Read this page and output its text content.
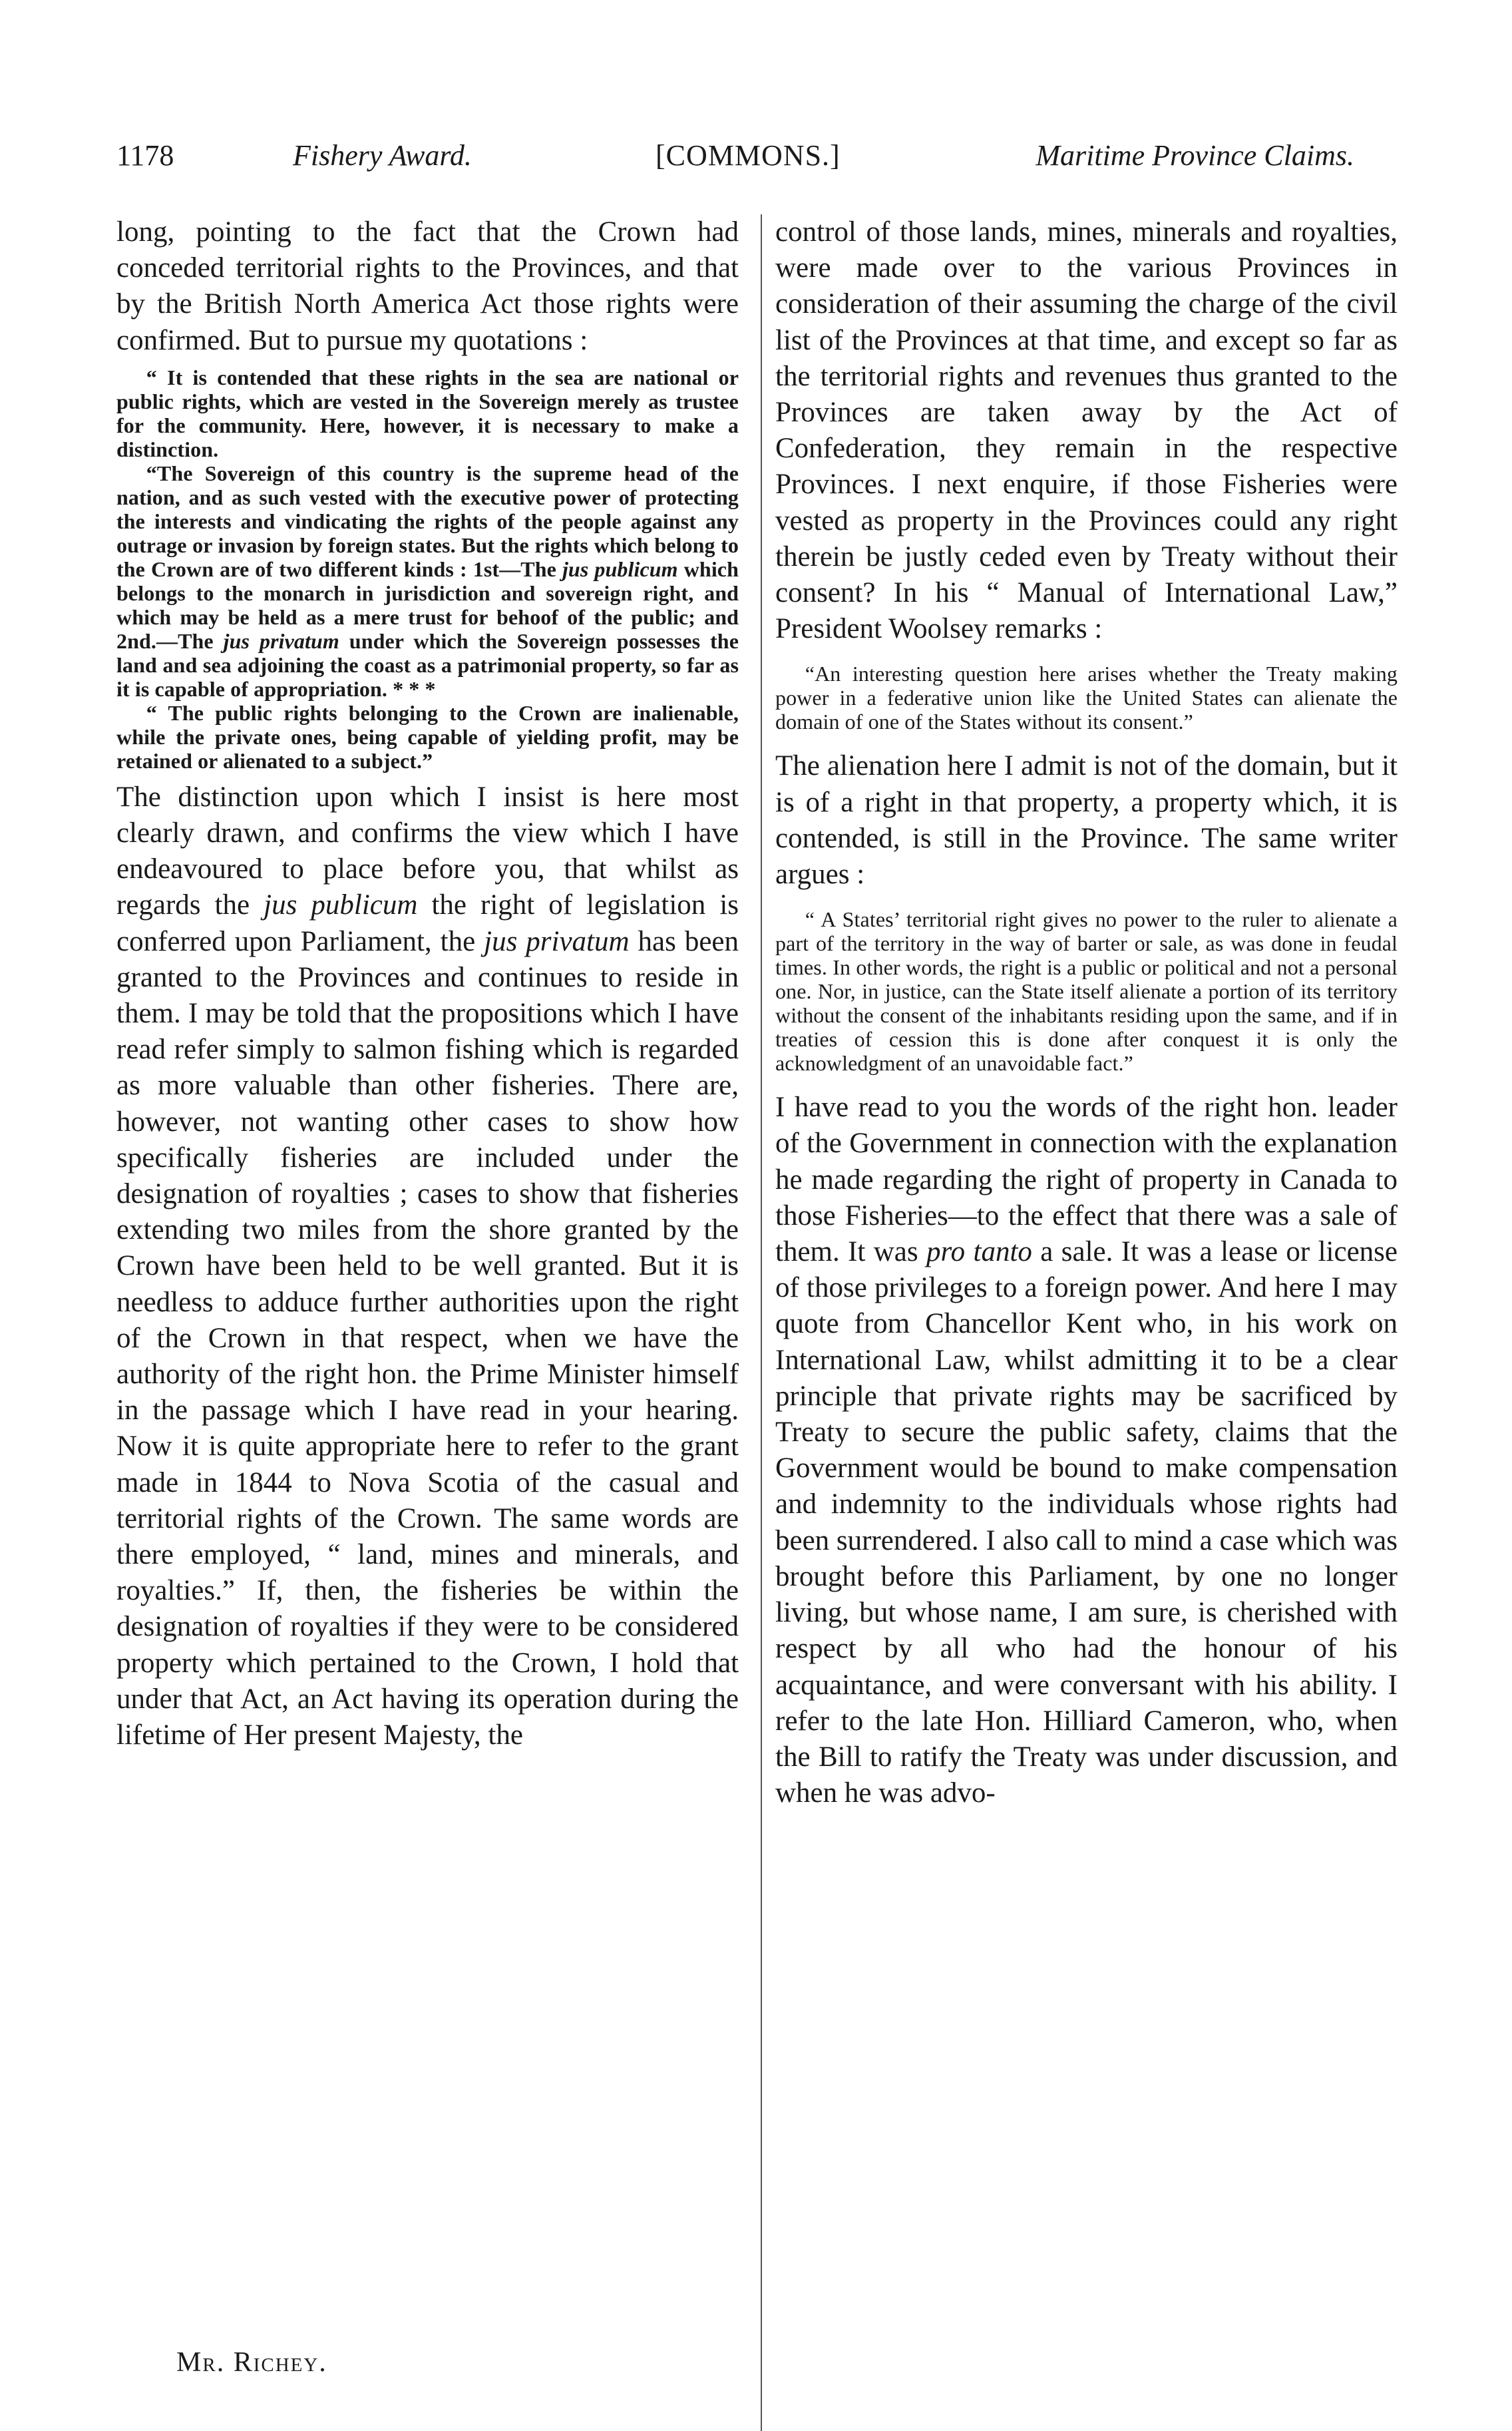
1178	Fishery Award.	[COMMONS.]	Maritime Province Claims.

long, pointing to the fact that the Crown had conceded territorial rights to the Provinces, and that by the British North America Act those rights were confirmed. But to pursue my quotations :

“ It is contended that these rights in the sea are national or public rights, which are vested in the Sovereign merely as trustee for the community. Here, however, it is necessary to make a distinction.

“The Sovereign of this country is the supreme head of the nation, and as such vested with the executive power of protecting the interests and vindicating the rights of the people against any outrage or invasion by foreign states. But the rights which belong to the Crown are of two different kinds : 1st—The jus publicum which belongs to the monarch in jurisdiction and sovereign right, and which may be held as a mere trust for behoof of the public; and 2nd.—The jus privatum under which the Sovereign possesses the land and sea adjoining the coast as a patrimonial property, so far as it is capable of appropriation. * * *

“ The public rights belonging to the Crown are inalienable, while the private ones, being capable of yielding profit, may be retained or alienated to a subject.”

The distinction upon which I insist is here most clearly drawn, and confirms the view which I have endeavoured to place before you, that whilst as regards the jus publicum the right of legislation is conferred upon Parliament, the jus privatum has been granted to the Provinces and continues to reside in them. I may be told that the propositions which I have read refer simply to salmon fishing which is regarded as more valuable than other fisheries. There are, however, not wanting other cases to show how specifically fisheries are included under the designation of royalties ; cases to show that fisheries extending two miles from the shore granted by the Crown have been held to be well granted. But it is needless to adduce further authorities upon the right of the Crown in that respect, when we have the authority of the right hon. the Prime Minister himself in the passage which I have read in your hearing. Now it is quite appropriate here to refer to the grant made in 1844 to Nova Scotia of the casual and territorial rights of the Crown. The same words are there employed, “ land, mines and minerals, and royalties.” If, then, the fisheries be within the designation of royalties if they were to be considered property which pertained to the Crown, I hold that under that Act, an Act having its operation during the lifetime of Her present Majesty, the

control of those lands, mines, minerals and royalties, were made over to the various Provinces in consideration of their assuming the charge of the civil list of the Provinces at that time, and except so far as the territorial rights and revenues thus granted to the Provinces are taken away by the Act of Confederation, they remain in the respective Provinces. I next enquire, if those Fisheries were vested as property in the Provinces could any right therein be justly ceded even by Treaty without their consent? In his “ Manual of International Law,” President Woolsey remarks :

“An interesting question here arises whether the Treaty making power in a federative union like the United States can alienate the domain of one of the States without its consent.”

The alienation here I admit is not of the domain, but it is of a right in that property, a property which, it is contended, is still in the Province. The same writer argues :

“ A States’ territorial right gives no power to the ruler to alienate a part of the territory in the way of barter or sale, as was done in feudal times. In other words, the right is a public or political and not a personal one. Nor, in justice, can the State itself alienate a portion of its territory without the consent of the inhabitants residing upon the same, and if in treaties of cession this is done after conquest it is only the acknowledgment of an unavoidable fact.”

I have read to you the words of the right hon. leader of the Government in connection with the explanation he made regarding the right of property in Canada to those Fisheries—to the effect that there was a sale of them. It was pro tanto a sale. It was a lease or license of those privileges to a foreign power. And here I may quote from Chancellor Kent who, in his work on International Law, whilst admitting it to be a clear principle that private rights may be sacrificed by Treaty to secure the public safety, claims that the Government would be bound to make compensation and indemnity to the individuals whose rights had been surrendered. I also call to mind a case which was brought before this Parliament, by one no longer living, but whose name, I am sure, is cherished with respect by all who had the honour of his acquaintance, and were conversant with his ability. I refer to the late Hon. Hilliard Cameron, who, when the Bill to ratify the Treaty was under discussion, and when he was advo-

Mr. Richey.
